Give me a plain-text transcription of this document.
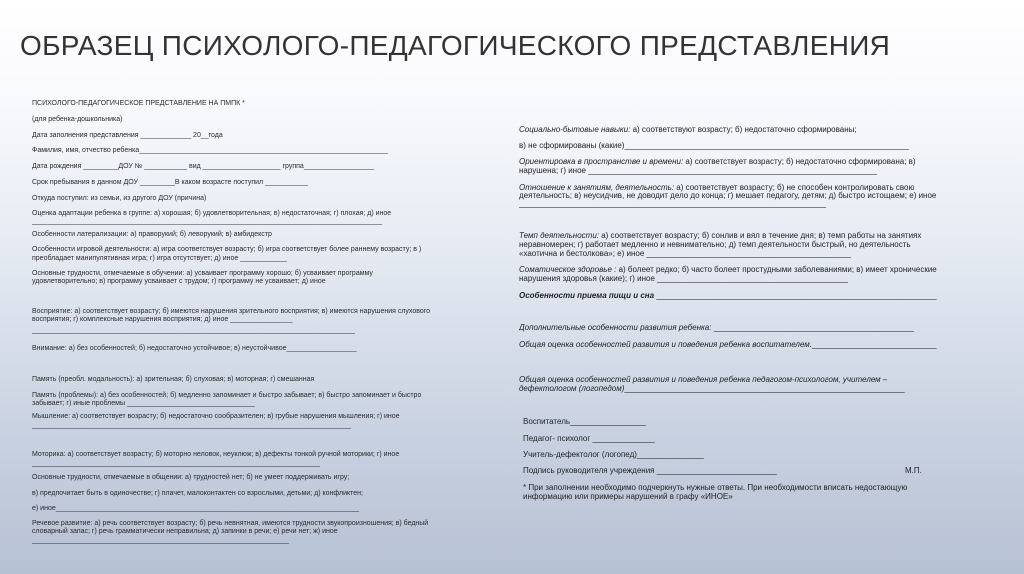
ОБРАЗЕЦ ПСИХОЛОГО-ПЕДАГОГИЧЕСКОГО ПРЕДСТАВЛЕНИЯ

ПСИХОЛОГО-ПЕДАГОГИЧЕСКОЕ ПРЕДСТАВЛЕНИЕ НА ПМПК *

(для ребенка-дошкольника)

Дата заполнения представления _____________ 20__года

Фамилия, имя, отчество ребенка________________________________________________________________

Дата рождения _________ДОУ № ___________ вид ____________________ группа__________________

Срок пребывания в данном ДОУ _________В каком возрасте поступил ___________

Откуда поступил: из семьи, из другого ДОУ (причина)

Оценка адаптации ребенка в группе: а) хорошая; б) удовлетворительная; в) недостаточная; г) плохая; д) иное

__________________________________________________________________________________________

Особенности латерализации: а) праворукий; б) леворукий; в) амбидекстр

Особенности игровой деятельности: а) игра соответствует возрасту; б) игра соответствует более раннему возрасту; в )

преобладает манипулятивная игра; г) игра отсутствует; д) иное ____________

Основные трудности, отмечаемые в обучении: а) усваивает программу хорошо; б) усваивает программу

удовлетворительно; в) программу усваивает с трудом; г) программу не усваивает; д) иное

Восприятие: а) соответствует возрасту; б) имеются нарушения зрительного восприятия; в) имеются нарушения слухового

восприятия; г) комплексные нарушения восприятия; д) иное ________________

___________________________________________________________________________________

Внимание: а) без особенностей; б) недостаточно устойчивое; в) неустойчивое__________________

Память (преобл. модальность): а) зрительная; б) слуховая; в) моторная; г) смешанная

Память (проблемы): а) без особенностей; б) медленно запоминает и быстро забывает; в) быстро запоминает и быстро

забывает; г) иные проблемы _________________________________

Мышление: а) соответствует возрасту; б) недостаточно сообразителен; в) грубые нарушения мышления; г) иное

__________________________________________________________________________________

Моторика: а) соответствует возрасту; б) моторно неловок, неуклюж; в) дефекты тонкой ручной моторики; г) иное

__________________________________________________________________________

Основные трудности, отмечаемые в общении: а) трудностей нет; б) не умеет поддерживать игру;

в) предпочитает быть в одиночестве; г) плачет, малоконтактен со взрослыми, детьми; д) конфликтен;

е) иное______________________________________________________________________________

Речевое развитие: а) речь соответствует возрасту; б) речь невнятная, имеются трудности звукопроизношения; в) бедный

словарный запас; г) речь грамматически неправильна; д) запинки в речи; е) речи нет; ж) иное

__________________________________________________________________

Социально-бытовые навыки: а) соответствуют возрасту; б) недостаточно сформированы;

в) не сформированы (какие)________________________________________________________________

Ориентировка в пространстве и времени: а) соответствует возрасту; б) недостаточно сформирована; в)

нарушена; г) иное _________________________________________________________________

Отношение к занятиям, деятельность: а) соответствует возрасту; б) не способен контролировать свою

деятельность; в) неусидчив, не доводит дело до конца; г) мешает педагогу, детям; д) быстро истощаем; е) иное

_____________________________________________________________________

Темп деятельности: а) соответствует возрасту; б) сонлив и вял в течение дня; в) темп работы на занятиях

неравномерен; г) работает медленно и невнимательно; д) темп деятельности быстрый, но деятельность

«хаотична и бестолкова»; е) иное ______________________________________________

Соматическое здоровье : а) болеет редко; б) часто болеет простудными заболеваниями; в) имеет хронические

нарушения здоровья (какие); г) иное ___________________________________________

Особенности приема пищи и сна _______________________________________________________________

Дополнительные особенности развития ребенка: _____________________________________________

Общая оценка особенностей развития и поведения ребенка воспитателем.____________________________

Общая оценка особенностей развития и поведения ребенка педагогом-психологом, учителем –

дефектологом (логопедом)_______________________________________________________________

Воспитатель_________________

Педагог- психолог ______________

Учитель-дефектолог (логопед)_______________

Подпись руководителя учреждения ___________________________	М.П.

* При заполнении необходимо подчеркнуть нужные ответы. При необходимости вписать недостающую

информацию или примеры нарушений в графу «ИНОЕ»
